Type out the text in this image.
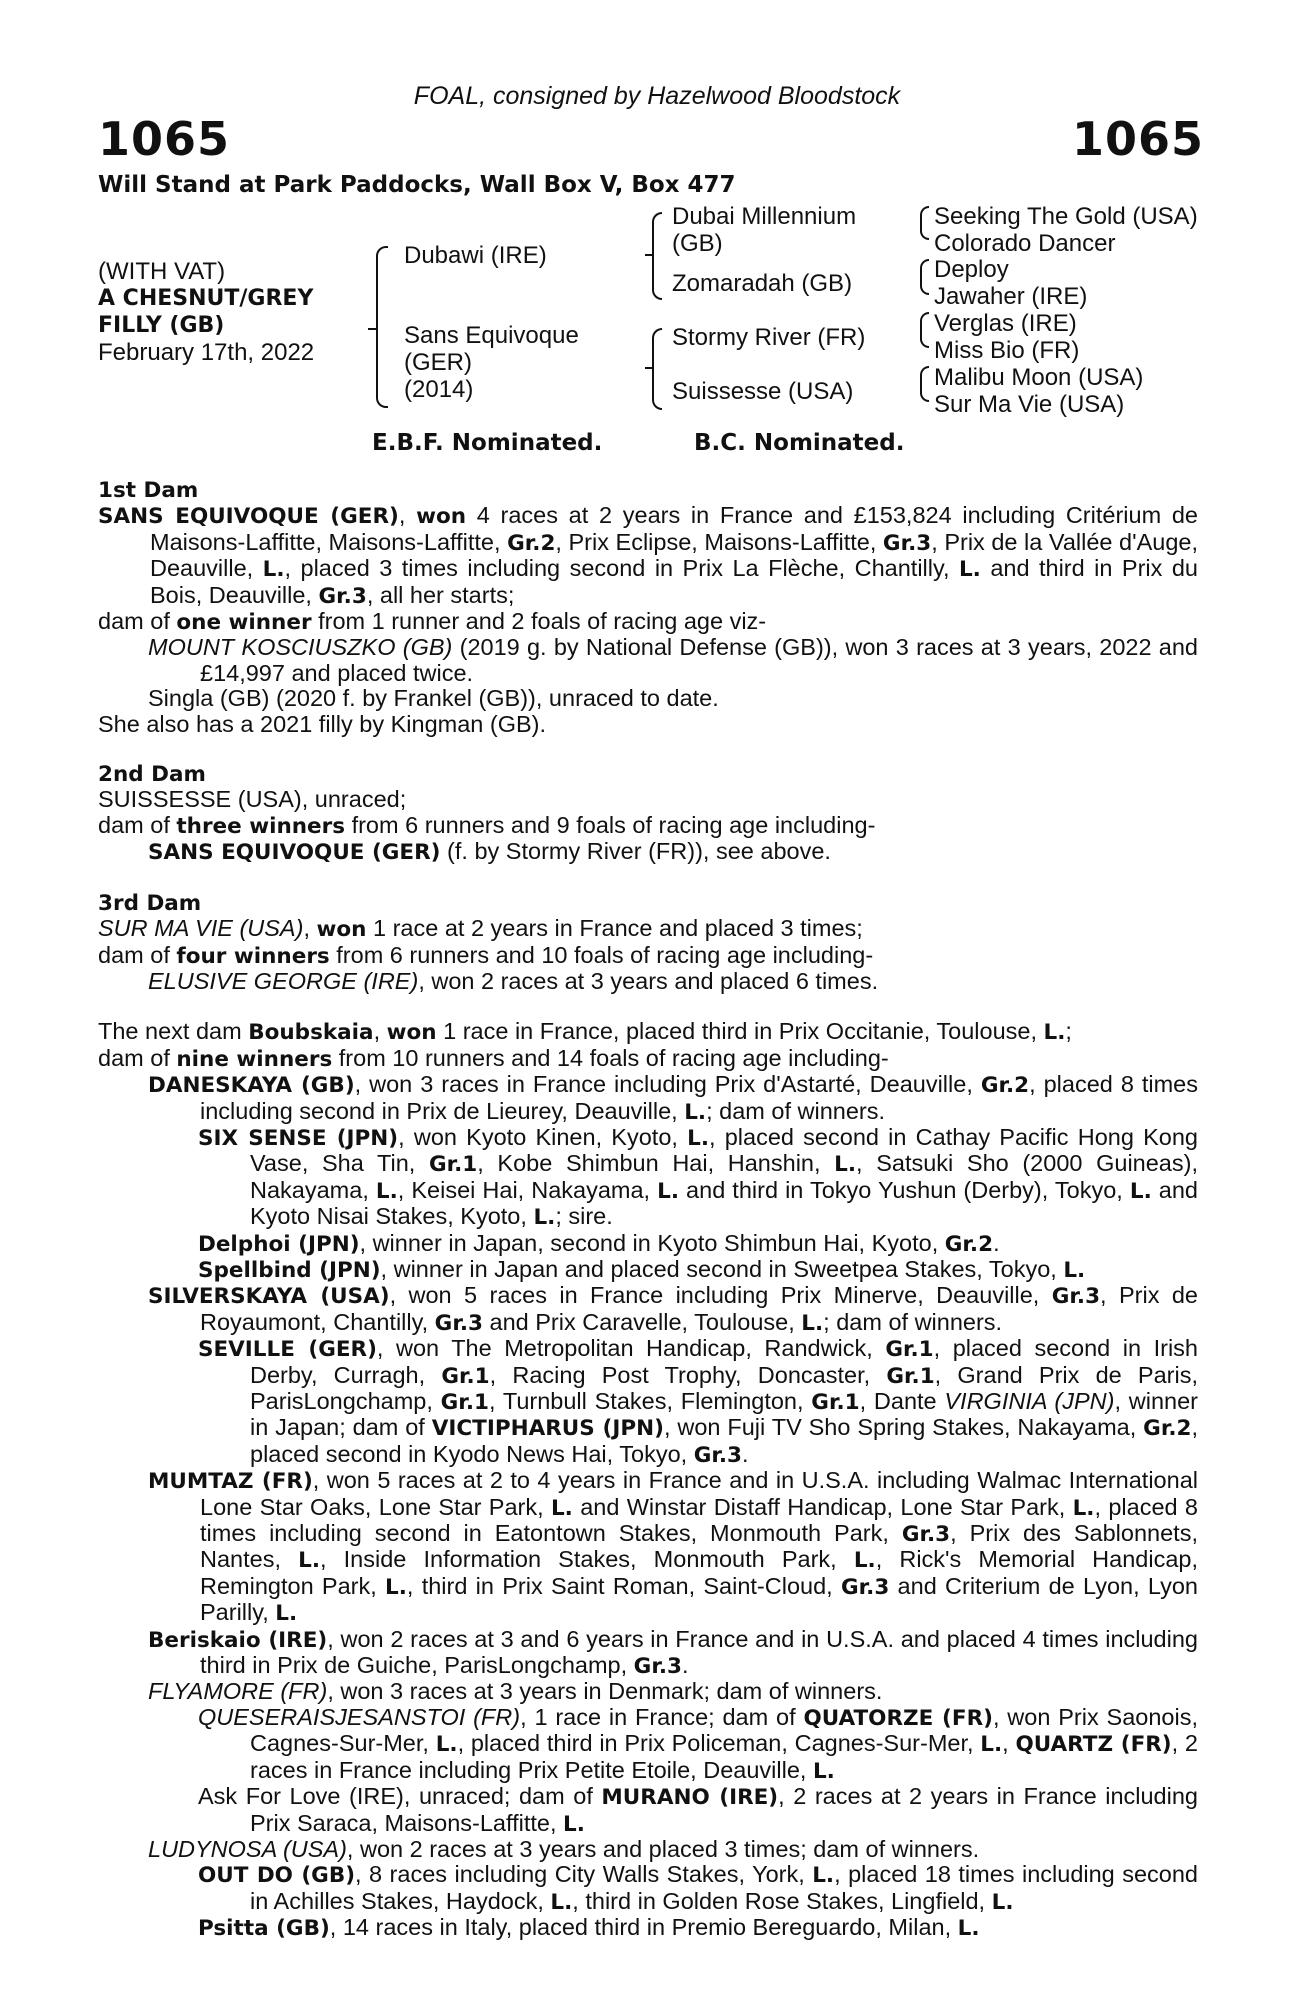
FOAL, consigned by Hazelwood Bloodstock
1065	1065
Will Stand at Park Paddocks, Wall Box V, Box 477
(WITH VAT)
A CHESNUT/GREY
FILLY (GB)
February 17th, 2022
Dubawi (IRE)
Sans Equivoque
(GER)
(2014)
Dubai Millennium
(GB)
Zomaradah (GB)
Stormy River (FR)
Suissesse (USA)
Seeking The Gold (USA)
Colorado Dancer
Deploy
Jawaher (IRE)
Verglas (IRE)
Miss Bio (FR)
Malibu Moon (USA)
Sur Ma Vie (USA)
E.B.F. Nominated.	B.C. Nominated.

1st Dam

SANS EQUIVOQUE (GER), won 4 races at 2 years in France and £153,824 including Critérium de Maisons-Laffitte, Maisons-Laffitte, Gr.2, Prix Eclipse, Maisons-Laffitte, Gr.3, Prix de la Vallée d'Auge, Deauville, L., placed 3 times including second in Prix La Flèche, Chantilly, L. and third in Prix du Bois, Deauville, Gr.3, all her starts;

dam of one winner from 1 runner and 2 foals of racing age viz-

MOUNT KOSCIUSZKO (GB) (2019 g. by National Defense (GB)), won 3 races at 3 years, 2022 and £14,997 and placed twice.

Singla (GB) (2020 f. by Frankel (GB)), unraced to date.

She also has a 2021 filly by Kingman (GB).

2nd Dam

SUISSESSE (USA), unraced;

dam of three winners from 6 runners and 9 foals of racing age including-

SANS EQUIVOQUE (GER) (f. by Stormy River (FR)), see above.

3rd Dam

SUR MA VIE (USA), won 1 race at 2 years in France and placed 3 times;

dam of four winners from 6 runners and 10 foals of racing age including-

ELUSIVE GEORGE (IRE), won 2 races at 3 years and placed 6 times.

The next dam Boubskaia, won 1 race in France, placed third in Prix Occitanie, Toulouse, L.;

dam of nine winners from 10 runners and 14 foals of racing age including-

DANESKAYA (GB), won 3 races in France including Prix d'Astarté, Deauville, Gr.2, placed 8 times including second in Prix de Lieurey, Deauville, L.; dam of winners.

SIX SENSE (JPN), won Kyoto Kinen, Kyoto, L., placed second in Cathay Pacific Hong Kong Vase, Sha Tin, Gr.1, Kobe Shimbun Hai, Hanshin, L., Satsuki Sho (2000 Guineas), Nakayama, L., Keisei Hai, Nakayama, L. and third in Tokyo Yushun (Derby), Tokyo, L. and Kyoto Nisai Stakes, Kyoto, L.; sire.

Delphoi (JPN), winner in Japan, second in Kyoto Shimbun Hai, Kyoto, Gr.2.

Spellbind (JPN), winner in Japan and placed second in Sweetpea Stakes, Tokyo, L.

SILVERSKAYA (USA), won 5 races in France including Prix Minerve, Deauville, Gr.3, Prix de Royaumont, Chantilly, Gr.3 and Prix Caravelle, Toulouse, L.; dam of winners.

SEVILLE (GER), won The Metropolitan Handicap, Randwick, Gr.1, placed second in Irish Derby, Curragh, Gr.1, Racing Post Trophy, Doncaster, Gr.1, Grand Prix de Paris, ParisLongchamp, Gr.1, Turnbull Stakes, Flemington, Gr.1, Dante VIRGINIA (JPN), winner in Japan; dam of VICTIPHARUS (JPN), won Fuji TV Sho Spring Stakes, Nakayama, Gr.2, placed second in Kyodo News Hai, Tokyo, Gr.3.

MUMTAZ (FR), won 5 races at 2 to 4 years in France and in U.S.A. including Walmac International Lone Star Oaks, Lone Star Park, L. and Winstar Distaff Handicap, Lone Star Park, L., placed 8 times including second in Eatontown Stakes, Monmouth Park, Gr.3, Prix des Sablonnets, Nantes, L., Inside Information Stakes, Monmouth Park, L., Rick's Memorial Handicap, Remington Park, L., third in Prix Saint Roman, Saint-Cloud, Gr.3 and Criterium de Lyon, Lyon Parilly, L.

Beriskaio (IRE), won 2 races at 3 and 6 years in France and in U.S.A. and placed 4 times including third in Prix de Guiche, ParisLongchamp, Gr.3.

FLYAMORE (FR), won 3 races at 3 years in Denmark; dam of winners.

QUESERAISJESANSTOI (FR), 1 race in France; dam of QUATORZE (FR), won Prix Saonois, Cagnes-Sur-Mer, L., placed third in Prix Policeman, Cagnes-Sur-Mer, L., QUARTZ (FR), 2 races in France including Prix Petite Etoile, Deauville, L.

Ask For Love (IRE), unraced; dam of MURANO (IRE), 2 races at 2 years in France including Prix Saraca, Maisons-Laffitte, L.

LUDYNOSA (USA), won 2 races at 3 years and placed 3 times; dam of winners.

OUT DO (GB), 8 races including City Walls Stakes, York, L., placed 18 times including second in Achilles Stakes, Haydock, L., third in Golden Rose Stakes, Lingfield, L.

Psitta (GB), 14 races in Italy, placed third in Premio Bereguardo, Milan, L.
